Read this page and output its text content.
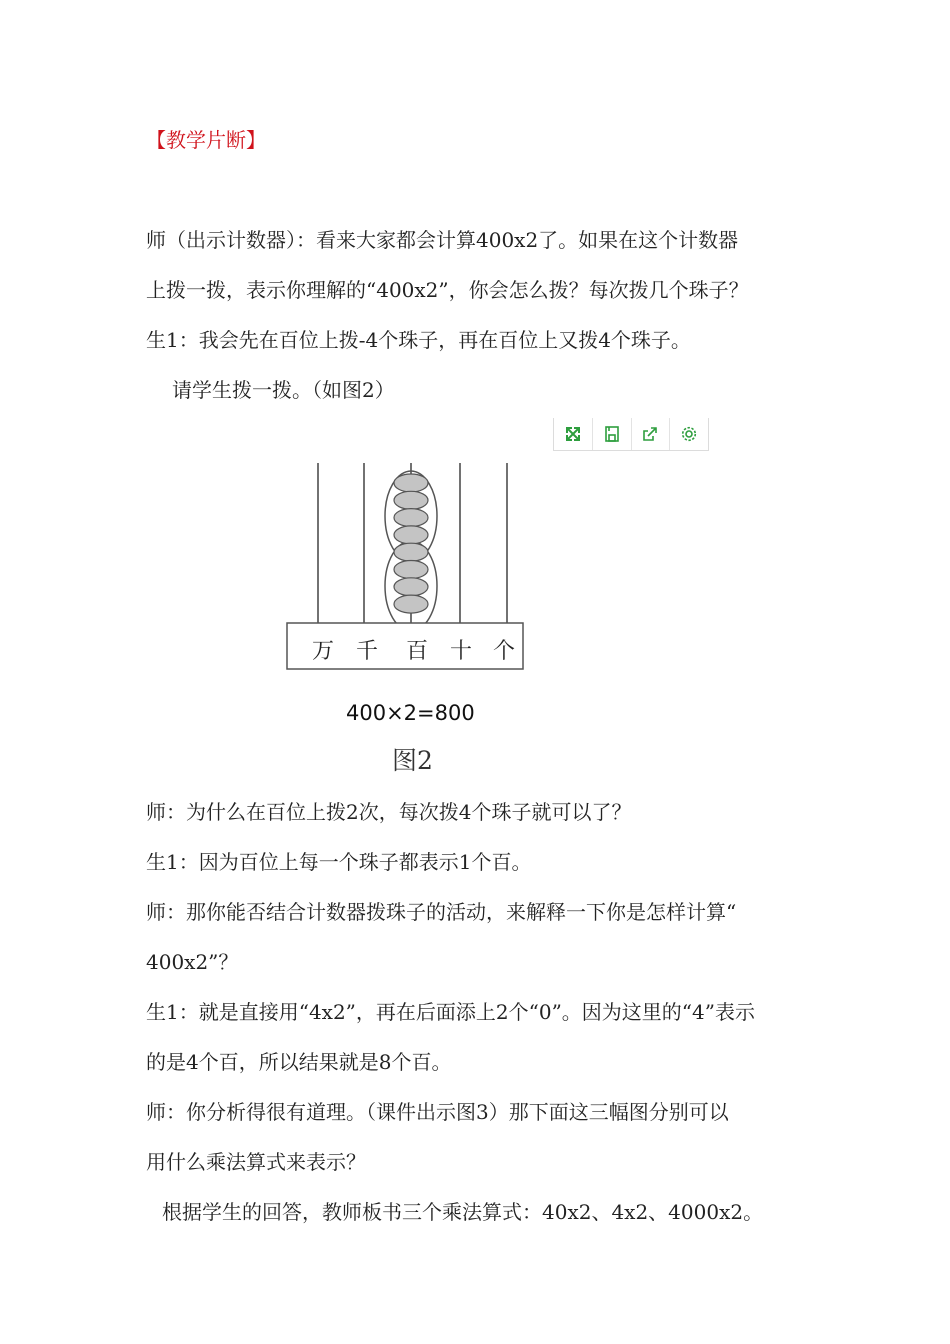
【教学片断】
师（出示计数器）：看来大家都会计算400x2了。如果在这个计数器
上拨一拨，表示你理解的“400x2”，你会怎么拨？每次拨几个珠子？
生1：我会先在百位上拨-4个珠子，再在百位上又拨4个珠子。
请学生拨一拨。（如图2）
万 千 百 十 个
400×2=800
图2
师：为什么在百位上拨2次，每次拨4个珠子就可以了？
生1：因为百位上每一个珠子都表示1个百。
师：那你能否结合计数器拨珠子的活动，来解释一下你是怎样计算“
400x2”？
生1：就是直接用“4x2”，再在后面添上2个“0”。因为这里的“4”表示
的是4个百，所以结果就是8个百。
师：你分析得很有道理。（课件出示图3）那下面这三幅图分别可以
用什么乘法算式来表示？
根据学生的回答，教师板书三个乘法算式：40x2、4x2、4000x2。
